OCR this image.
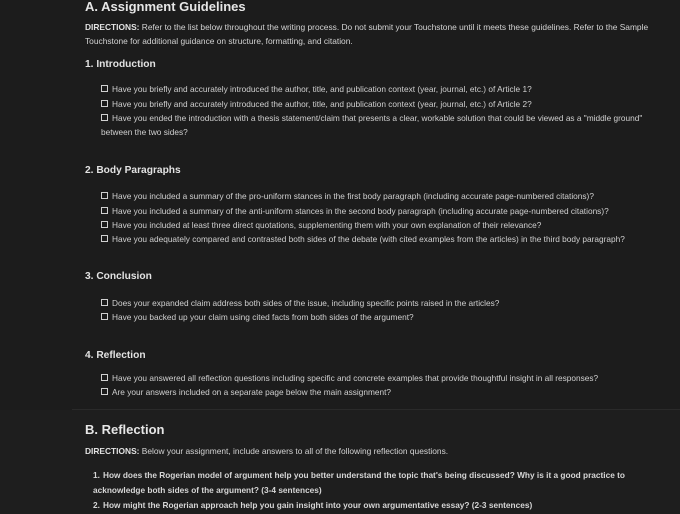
A. Assignment Guidelines

DIRECTIONS: Refer to the list below throughout the writing process. Do not submit your Touchstone until it meets these guidelines. Refer to the Sample Touchstone for additional guidance on structure, formatting, and citation.

1. Introduction
Have you briefly and accurately introduced the author, title, and publication context (year, journal, etc.) of Article 1?
Have you briefly and accurately introduced the author, title, and publication context (year, journal, etc.) of Article 2?
Have you ended the introduction with a thesis statement/claim that presents a clear, workable solution that could be viewed as a "middle ground" between the two sides?
2. Body Paragraphs
Have you included a summary of the pro-uniform stances in the first body paragraph (including accurate page-numbered citations)?
Have you included a summary of the anti-uniform stances in the second body paragraph (including accurate page-numbered citations)?
Have you included at least three direct quotations, supplementing them with your own explanation of their relevance?
Have you adequately compared and contrasted both sides of the debate (with cited examples from the articles) in the third body paragraph?
3. Conclusion
Does your expanded claim address both sides of the issue, including specific points raised in the articles?
Have you backed up your claim using cited facts from both sides of the argument?
4. Reflection
Have you answered all reflection questions including specific and concrete examples that provide thoughtful insight in all responses?
Are your answers included on a separate page below the main assignment?
B. Reflection

DIRECTIONS: Below your assignment, include answers to all of the following reflection questions.

1. How does the Rogerian model of argument help you better understand the topic that's being discussed? Why is it a good practice to acknowledge both sides of the argument? (3-4 sentences)
2. How might the Rogerian approach help you gain insight into your own argumentative essay? (2-3 sentences)
